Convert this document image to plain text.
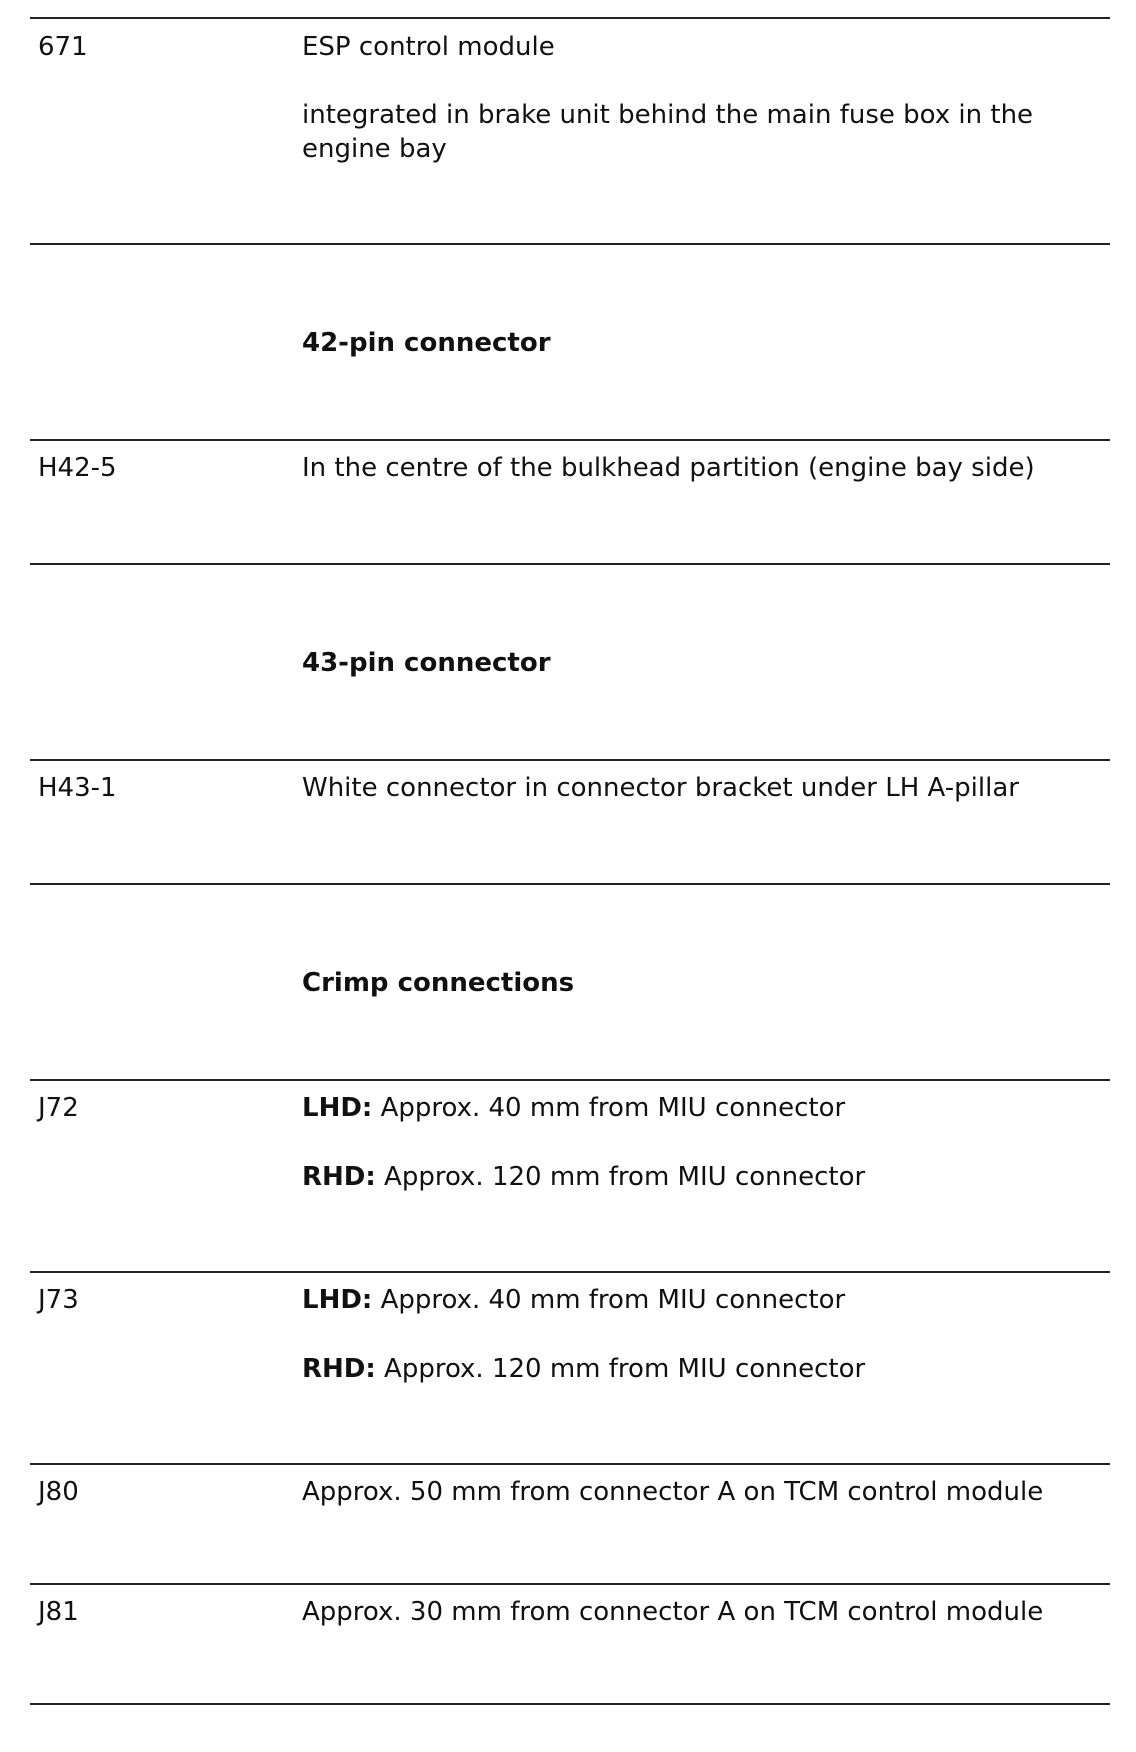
671	ESP control module
integrated in brake unit behind the main fuse box in the engine bay
42-pin connector
H42-5	In the centre of the bulkhead partition (engine bay side)
43-pin connector
H43-1	White connector in connector bracket under LH A-pillar
Crimp connections
J72	LHD: Approx. 40 mm from MIU connector
RHD: Approx. 120 mm from MIU connector
J73	LHD: Approx. 40 mm from MIU connector
RHD: Approx. 120 mm from MIU connector
J80	Approx. 50 mm from connector A on TCM control module
J81	Approx. 30 mm from connector A on TCM control module
